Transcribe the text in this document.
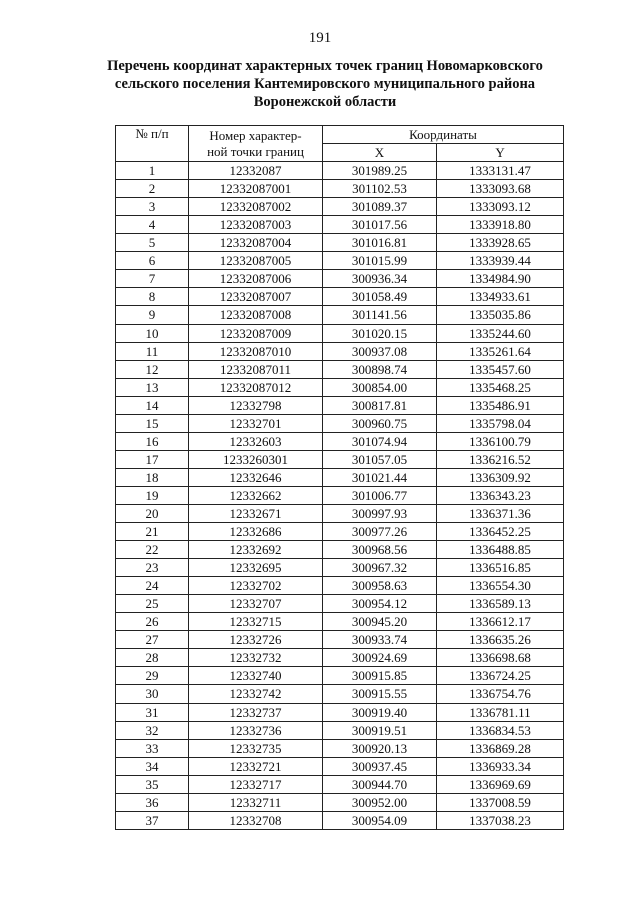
191
Перечень координат характерных точек границ Новомарковского
сельского поселения Кантемировского муниципального района
Воронежской области
№ п/п	Номер характер-
ной точки границ	Координаты	
		X	Y
1	12332087	301989.25	1333131.47
2	12332087001	301102.53	1333093.68
3	12332087002	301089.37	1333093.12
4	12332087003	301017.56	1333918.80
5	12332087004	301016.81	1333928.65
6	12332087005	301015.99	1333939.44
7	12332087006	300936.34	1334984.90
8	12332087007	301058.49	1334933.61
9	12332087008	301141.56	1335035.86
10	12332087009	301020.15	1335244.60
11	12332087010	300937.08	1335261.64
12	12332087011	300898.74	1335457.60
13	12332087012	300854.00	1335468.25
14	12332798	300817.81	1335486.91
15	12332701	300960.75	1335798.04
16	12332603	301074.94	1336100.79
17	1233260301	301057.05	1336216.52
18	12332646	301021.44	1336309.92
19	12332662	301006.77	1336343.23
20	12332671	300997.93	1336371.36
21	12332686	300977.26	1336452.25
22	12332692	300968.56	1336488.85
23	12332695	300967.32	1336516.85
24	12332702	300958.63	1336554.30
25	12332707	300954.12	1336589.13
26	12332715	300945.20	1336612.17
27	12332726	300933.74	1336635.26
28	12332732	300924.69	1336698.68
29	12332740	300915.85	1336724.25
30	12332742	300915.55	1336754.76
31	12332737	300919.40	1336781.11
32	12332736	300919.51	1336834.53
33	12332735	300920.13	1336869.28
34	12332721	300937.45	1336933.34
35	12332717	300944.70	1336969.69
36	12332711	300952.00	1337008.59
37	12332708	300954.09	1337038.23
